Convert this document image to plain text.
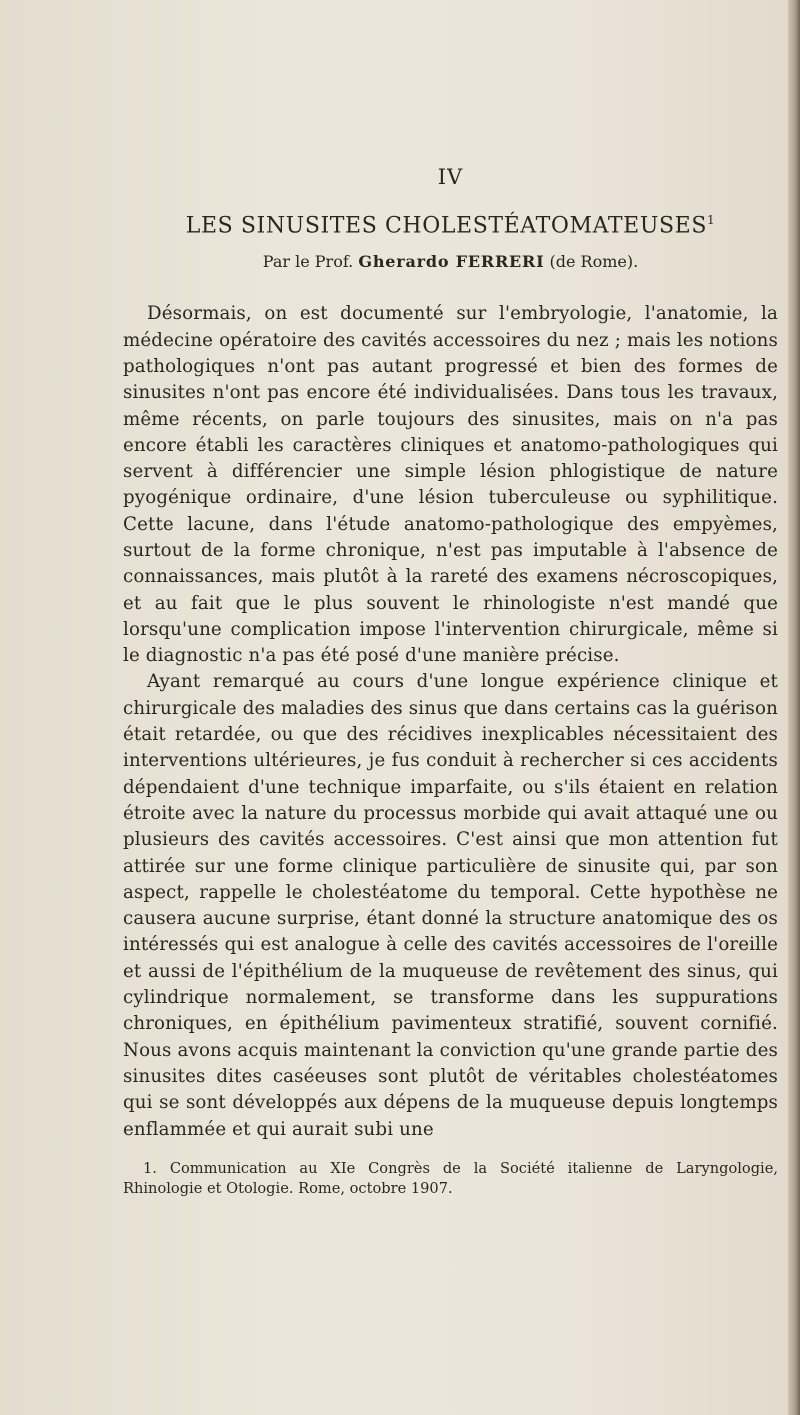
IV
LES SINUSITES CHOLESTÉATOMATEUSES$^1$
Par le Prof. Gherardo FERRERI (de Rome).

Désormais, on est documenté sur l'embryologie, l'anatomie, la médecine opératoire des cavités accessoires du nez ; mais les notions pathologiques n'ont pas autant progressé et bien des formes de sinusites n'ont pas encore été individualisées. Dans tous les travaux, même récents, on parle toujours des sinusites, mais on n'a pas encore établi les caractères cliniques et anatomo-pathologiques qui servent à différencier une simple lésion phlogistique de nature pyogénique ordinaire, d'une lésion tuberculeuse ou syphilitique. Cette lacune, dans l'étude anatomo-pathologique des empyèmes, surtout de la forme chronique, n'est pas imputable à l'absence de connaissances, mais plutôt à la rareté des examens nécroscopiques, et au fait que le plus souvent le rhinologiste n'est mandé que lorsqu'une complication impose l'intervention chirurgicale, même si le diagnostic n'a pas été posé d'une manière précise.

Ayant remarqué au cours d'une longue expérience clinique et chirurgicale des maladies des sinus que dans certains cas la guérison était retardée, ou que des récidives inexplicables nécessitaient des interventions ultérieures, je fus conduit à rechercher si ces accidents dépendaient d'une technique imparfaite, ou s'ils étaient en relation étroite avec la nature du processus morbide qui avait attaqué une ou plusieurs des cavités accessoires. C'est ainsi que mon attention fut attirée sur une forme clinique particulière de sinusite qui, par son aspect, rappelle le cholestéatome du temporal. Cette hypothèse ne causera aucune surprise, étant donné la structure anatomique des os intéressés qui est analogue à celle des cavités accessoires de l'oreille et aussi de l'épithélium de la muqueuse de revêtement des sinus, qui cylindrique normalement, se transforme dans les suppurations chroniques, en épithélium pavimenteux stratifié, souvent cornifié. Nous avons acquis maintenant la conviction qu'une grande partie des sinusites dites caséeuses sont plutôt de véritables cholestéatomes qui se sont développés aux dépens de la muqueuse depuis longtemps enflammée et qui aurait subi une

1. Communication au XIe Congrès de la Société italienne de Laryngologie, Rhinologie et Otologie. Rome, octobre 1907.
